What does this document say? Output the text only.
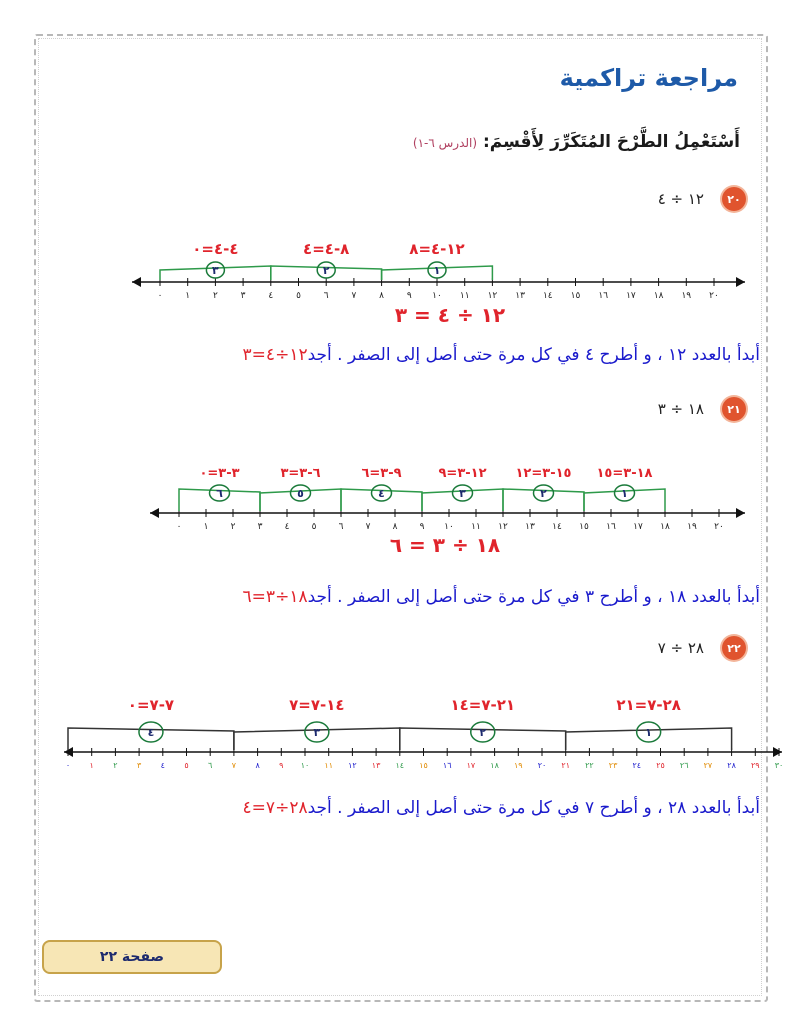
مراجعة تراكمية
أَسْتَعْمِلُ الطَّرْحَ المُتَكَرِّرَ لِأَقْسِمَ: (الدرس ٦-١)
٢٠
١٢ ÷ ٤
أبدأ بالعدد ١٢ ، و أطرح ٤ في كل مرة حتى أصل إلى الصفر . أجد١٢÷٤=٣
٢١
١٨ ÷ ٣
أبدأ بالعدد ١٨ ، و أطرح ٣ في كل مرة حتى أصل إلى الصفر . أجد١٨÷٣=٦
٢٢
٢٨ ÷ ٧
أبدأ بالعدد ٢٨ ، و أطرح ٧ في كل مرة حتى أصل إلى الصفر . أجد٢٨÷٧=٤
٠	١	٢	٣	٤	٥	٦	٧	٨	٩ ١٠ ١١ ١٢ ١٣ ١٤ ١٥ ١٦ ١٧ ١٨ ١٩ ٢٠
١
١٢-٤=٨
٢
٨-٤=٤
٣
٤-٤=٠
١٢ ÷ ٤ = ٣
٠ ١ ٢ ٣ ٤ ٥ ٦ ٧ ٨ ٩ ١٠ ١١ ١٢ ١٣ ١٤ ١٥ ١٦ ١٧ ١٨ ١٩ ٢٠
١
١٨-٣=١٥
٢
١٥-٣=١٢
٣
١٢-٣=٩
٤
٩-٣=٦
٥
٦-٣=٣
٦
٣-٣=٠
١٨ ÷ ٣ = ٦
٠ ١ ٢ ٣ ٤ ٥ ٦ ٧ ٨ ٩ ١٠ ١١ ١٢ ١٣ ١٤ ١٥ ١٦ ١٧ ١٨ ١٩ ٢٠ ٢١ ٢٢ ٢٣ ٢٤ ٢٥ ٢٦ ٢٧ ٢٨ ٢٩ ٣٠
١
٢٨-٧=٢١
٢
٢١-٧=١٤
٣
١٤-٧=٧
٤
٧-٧=٠
صفحة ٢٢
